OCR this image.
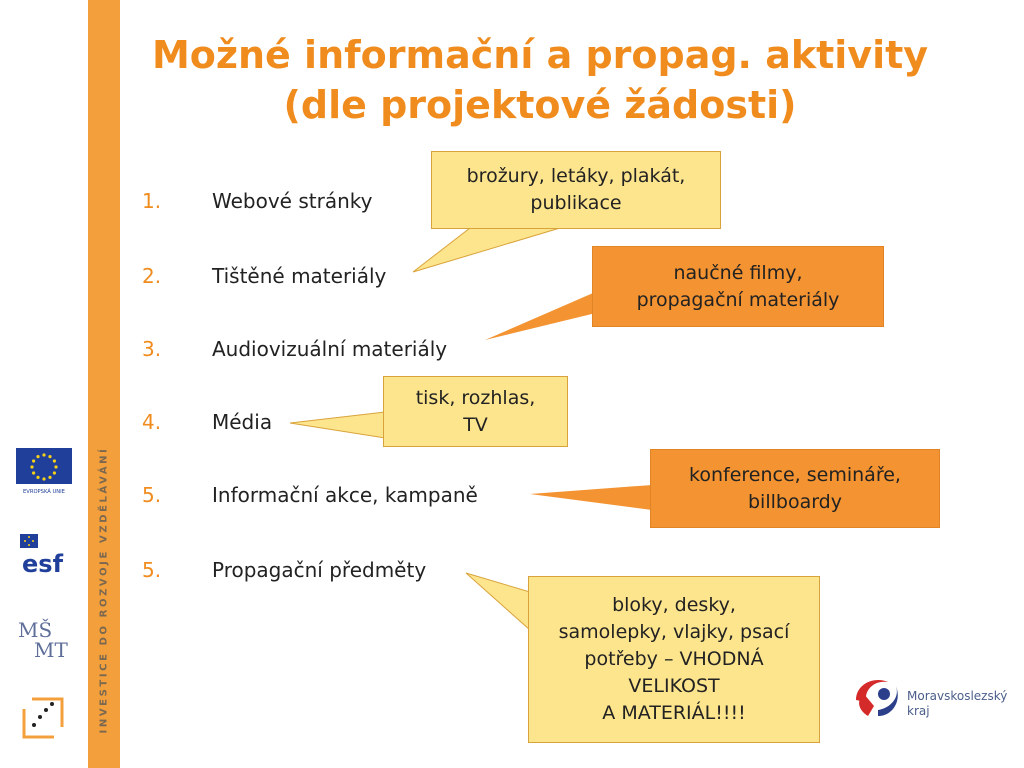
INVESTICE DO ROZVOJE VZDĚLÁVÁNÍ
EVROPSKÁ UNIE
esf
MŠ
MT
Možné informační a propag. aktivity
(dle projektové žádosti)
1.	Webové stránky
2.	Tištěné materiály
3.	Audiovizuální materiály
4.	Média
5.	Informační akce, kampaně
5.	Propagační předměty
brožury, letáky, plakát,
publikace
naučné filmy,
propagační materiály
tisk, rozhlas,
TV
konference, semináře,
billboardy
bloky, desky,
samolepky, vlajky, psací
potřeby – VHODNÁ
VELIKOST
A MATERIÁL!!!!
Moravskoslezský
kraj
